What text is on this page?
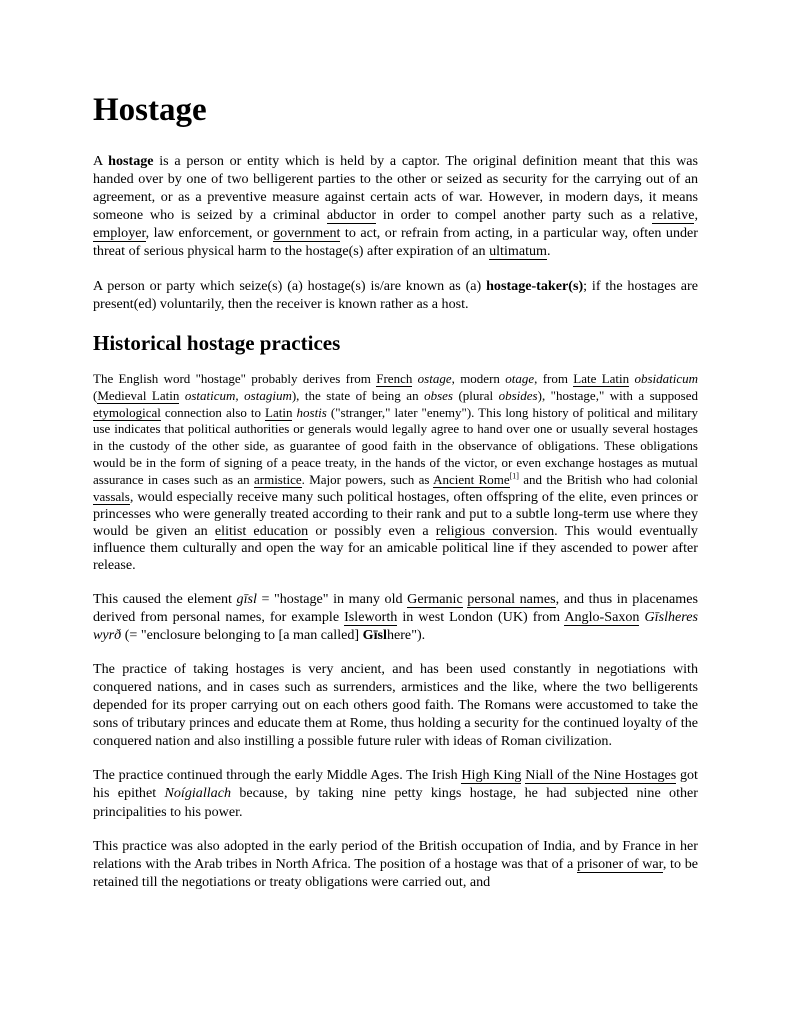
Hostage

A hostage is a person or entity which is held by a captor. The original definition meant that this was handed over by one of two belligerent parties to the other or seized as security for the carrying out of an agreement, or as a preventive measure against certain acts of war. However, in modern days, it means someone who is seized by a criminal abductor in order to compel another party such as a relative, employer, law enforcement, or government to act, or refrain from acting, in a particular way, often under threat of serious physical harm to the hostage(s) after expiration of an ultimatum.

A person or party which seize(s) (a) hostage(s) is/are known as (a) hostage-taker(s); if the hostages are present(ed) voluntarily, then the receiver is known rather as a host.

Historical hostage practices

The English word "hostage" probably derives from French ostage, modern otage, from Late Latin obsidaticum (Medieval Latin ostaticum, ostagium), the state of being an obses (plural obsides), "hostage," with a supposed etymological connection also to Latin hostis ("stranger," later "enemy"). This long history of political and military use indicates that political authorities or generals would legally agree to hand over one or usually several hostages in the custody of the other side, as guarantee of good faith in the observance of obligations. These obligations would be in the form of signing of a peace treaty, in the hands of the victor, or even exchange hostages as mutual assurance in cases such as an armistice. Major powers, such as Ancient Rome[1] and the British who had colonial vassals, would especially receive many such political hostages, often offspring of the elite, even princes or princesses who were generally treated according to their rank and put to a subtle long-term use where they would be given an elitist education or possibly even a religious conversion. This would eventually influence them culturally and open the way for an amicable political line if they ascended to power after release.

This caused the element gīsl = "hostage" in many old Germanic personal names, and thus in placenames derived from personal names, for example Isleworth in west London (UK) from Anglo-Saxon Gīslheres wyrð (= "enclosure belonging to [a man called] Gīslhere").

The practice of taking hostages is very ancient, and has been used constantly in negotiations with conquered nations, and in cases such as surrenders, armistices and the like, where the two belligerents depended for its proper carrying out on each others good faith. The Romans were accustomed to take the sons of tributary princes and educate them at Rome, thus holding a security for the continued loyalty of the conquered nation and also instilling a possible future ruler with ideas of Roman civilization.

The practice continued through the early Middle Ages. The Irish High King Niall of the Nine Hostages got his epithet Noígiallach because, by taking nine petty kings hostage, he had subjected nine other principalities to his power.

This practice was also adopted in the early period of the British occupation of India, and by France in her relations with the Arab tribes in North Africa. The position of a hostage was that of a prisoner of war, to be retained till the negotiations or treaty obligations were carried out, and
